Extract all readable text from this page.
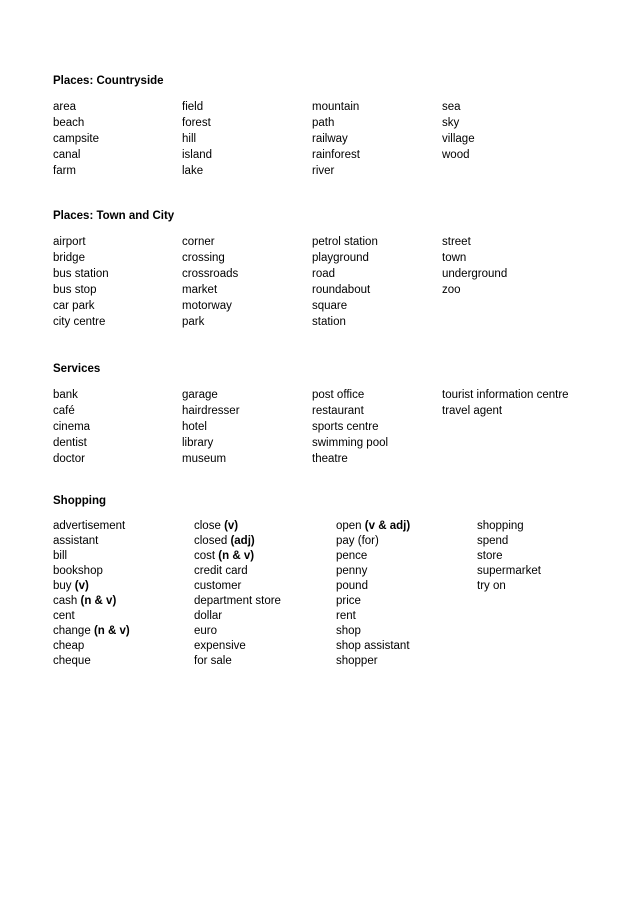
Places: Countryside

area
beach
campsite
canal
farm
field
forest
hill
island
lake
mountain
path
railway
rainforest
river
sea
sky
village
wood

Places: Town and City

airport
bridge
bus station
bus stop
car park
city centre
corner
crossing
crossroads
market
motorway
park
petrol station
playground
road
roundabout
square
station
street
town
underground
zoo

Services

bank
café
cinema
dentist
doctor
garage
hairdresser
hotel
library
museum
post office
restaurant
sports centre
swimming pool
theatre
tourist information centre
travel agent

Shopping

advertisement
assistant
bill
bookshop
buy (v)
cash (n & v)
cent
change (n & v)
cheap
cheque
close (v)
closed (adj)
cost (n & v)
credit card
customer
department store
dollar
euro
expensive
for sale
open (v & adj)
pay (for)
pence
penny
pound
price
rent
shop
shop assistant
shopper
shopping
spend
store
supermarket
try on
